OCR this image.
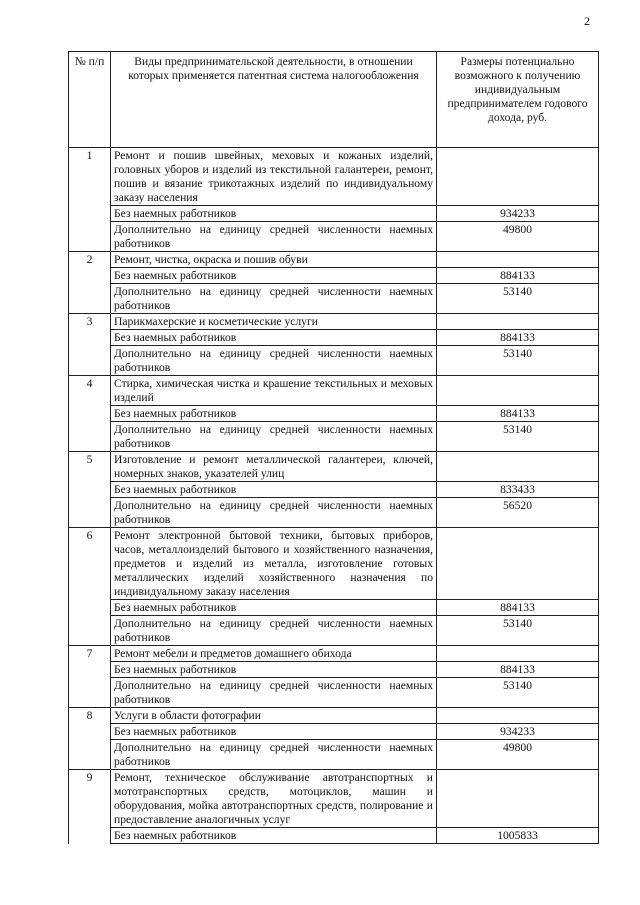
2
№ п/п	Виды предпринимательской деятельности, в отношении которых применяется патентная система налогообложения	Размеры потенциально возможного к получению индивидуальным предпринимателем годового дохода, руб.
1	Ремонт и пошив швейных, меховых и кожаных изделий, головных уборов и изделий из текстильной галантереи, ремонт, пошив и вязание трикотажных изделий по индивидуальному заказу населения	
	Без наемных работников	934233
	Дополнительно на единицу средней численности наемных работников	49800
2	Ремонт, чистка, окраска и пошив обуви	
	Без наемных работников	884133
	Дополнительно на единицу средней численности наемных работников	53140
3	Парикмахерские и косметические услуги	
	Без наемных работников	884133
	Дополнительно на единицу средней численности наемных работников	53140
4	Стирка, химическая чистка и крашение текстильных и меховых изделий	
	Без наемных работников	884133
	Дополнительно на единицу средней численности наемных работников	53140
5	Изготовление и ремонт металлической галантереи, ключей, номерных знаков, указателей улиц	
	Без наемных работников	833433
	Дополнительно на единицу средней численности наемных работников	56520
6	Ремонт электронной бытовой техники, бытовых приборов, часов, металлоизделий бытового и хозяйственного назначения, предметов и изделий из металла, изготовление готовых металлических изделий хозяйственного назначения по индивидуальному заказу населения	
	Без наемных работников	884133
	Дополнительно на единицу средней численности наемных работников	53140
7	Ремонт мебели и предметов домашнего обихода	
	Без наемных работников	884133
	Дополнительно на единицу средней численности наемных работников	53140
8	Услуги в области фотографии	
	Без наемных работников	934233
	Дополнительно на единицу средней численности наемных работников	49800
9	Ремонт, техническое обслуживание автотранспортных и мототранспортных средств, мотоциклов, машин и оборудования, мойка автотранспортных средств, полирование и предоставление аналогичных услуг	
	Без наемных работников	1005833
